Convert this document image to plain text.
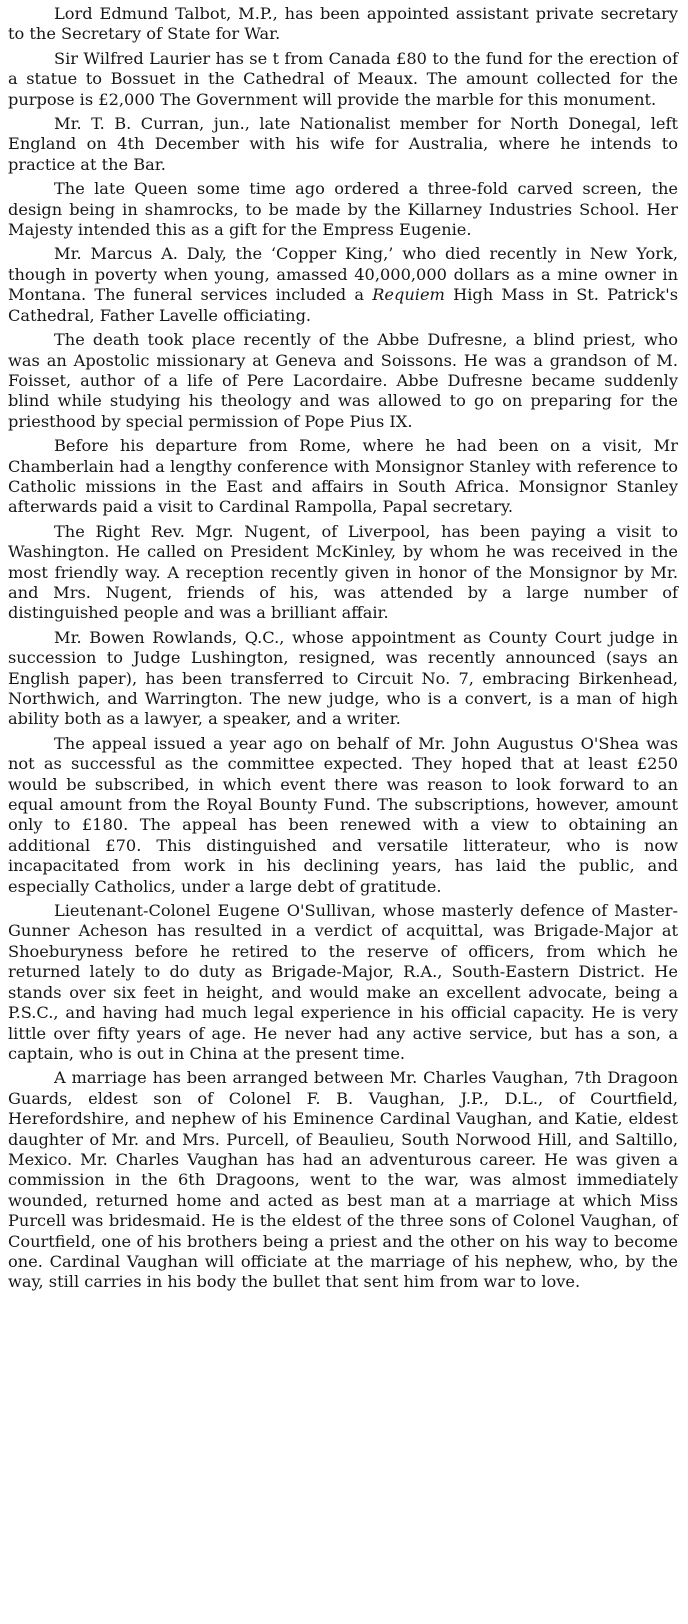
Lord Edmund Talbot, M.P., has been appointed assistant private secretary to the Secretary of State for War.

Sir Wilfred Laurier has se t from Canada £80 to the fund for the erection of a statue to Bossuet in the Cathedral of Meaux. The amount collected for the purpose is £2,000 The Government will provide the marble for this monument.

Mr. T. B. Curran, jun., late Nationalist member for North Donegal, left England on 4th December with his wife for Australia, where he intends to practice at the Bar.

The late Queen some time ago ordered a three-fold carved screen, the design being in shamrocks, to be made by the Killarney Industries School. Her Majesty intended this as a gift for the Empress Eugenie.

Mr. Marcus A. Daly, the ‘Copper King,’ who died recently in New York, though in poverty when young, amassed 40,000,000 dollars as a mine owner in Montana. The funeral services included a Requiem High Mass in St. Patrick's Cathedral, Father Lavelle officiating.

The death took place recently of the Abbe Dufresne, a blind priest, who was an Apostolic missionary at Geneva and Soissons. He was a grandson of M. Foisset, author of a life of Pere Lacordaire. Abbe Dufresne became suddenly blind while studying his theology and was allowed to go on preparing for the priesthood by special permission of Pope Pius IX.

Before his departure from Rome, where he had been on a visit, Mr Chamberlain had a lengthy conference with Monsignor Stanley with reference to Catholic missions in the East and affairs in South Africa. Monsignor Stanley afterwards paid a visit to Cardinal Rampolla, Papal secretary.

The Right Rev. Mgr. Nugent, of Liverpool, has been paying a visit to Washington. He called on President McKinley, by whom he was received in the most friendly way. A reception recently given in honor of the Monsignor by Mr. and Mrs. Nugent, friends of his, was attended by a large number of distinguished people and was a brilliant affair.

Mr. Bowen Rowlands, Q.C., whose appointment as County Court judge in succession to Judge Lushington, resigned, was recently announced (says an English paper), has been transferred to Circuit No. 7, embracing Birkenhead, Northwich, and Warrington. The new judge, who is a convert, is a man of high ability both as a lawyer, a speaker, and a writer.

The appeal issued a year ago on behalf of Mr. John Augustus O'Shea was not as successful as the committee expected. They hoped that at least £250 would be subscribed, in which event there was reason to look forward to an equal amount from the Royal Bounty Fund. The subscriptions, however, amount only to £180. The appeal has been renewed with a view to obtaining an additional £70. This distinguished and versatile litterateur, who is now incapacitated from work in his declining years, has laid the public, and especially Catholics, under a large debt of gratitude.

Lieutenant-Colonel Eugene O'Sullivan, whose masterly defence of Master-Gunner Acheson has resulted in a verdict of acquittal, was Brigade-Major at Shoeburyness before he retired to the reserve of officers, from which he returned lately to do duty as Brigade-Major, R.A., South-Eastern District. He stands over six feet in height, and would make an excellent advocate, being a P.S.C., and having had much legal experience in his official capacity. He is very little over fifty years of age. He never had any active service, but has a son, a captain, who is out in China at the present time.

A marriage has been arranged between Mr. Charles Vaughan, 7th Dragoon Guards, eldest son of Colonel F. B. Vaughan, J.P., D.L., of Courtfield, Herefordshire, and nephew of his Eminence Cardinal Vaughan, and Katie, eldest daughter of Mr. and Mrs. Purcell, of Beaulieu, South Norwood Hill, and Saltillo, Mexico. Mr. Charles Vaughan has had an adventurous career. He was given a commission in the 6th Dragoons, went to the war, was almost immediately wounded, returned home and acted as best man at a marriage at which Miss Purcell was bridesmaid. He is the eldest of the three sons of Colonel Vaughan, of Courtfield, one of his brothers being a priest and the other on his way to become one. Cardinal Vaughan will officiate at the marriage of his nephew, who, by the way, still carries in his body the bullet that sent him from war to love.
